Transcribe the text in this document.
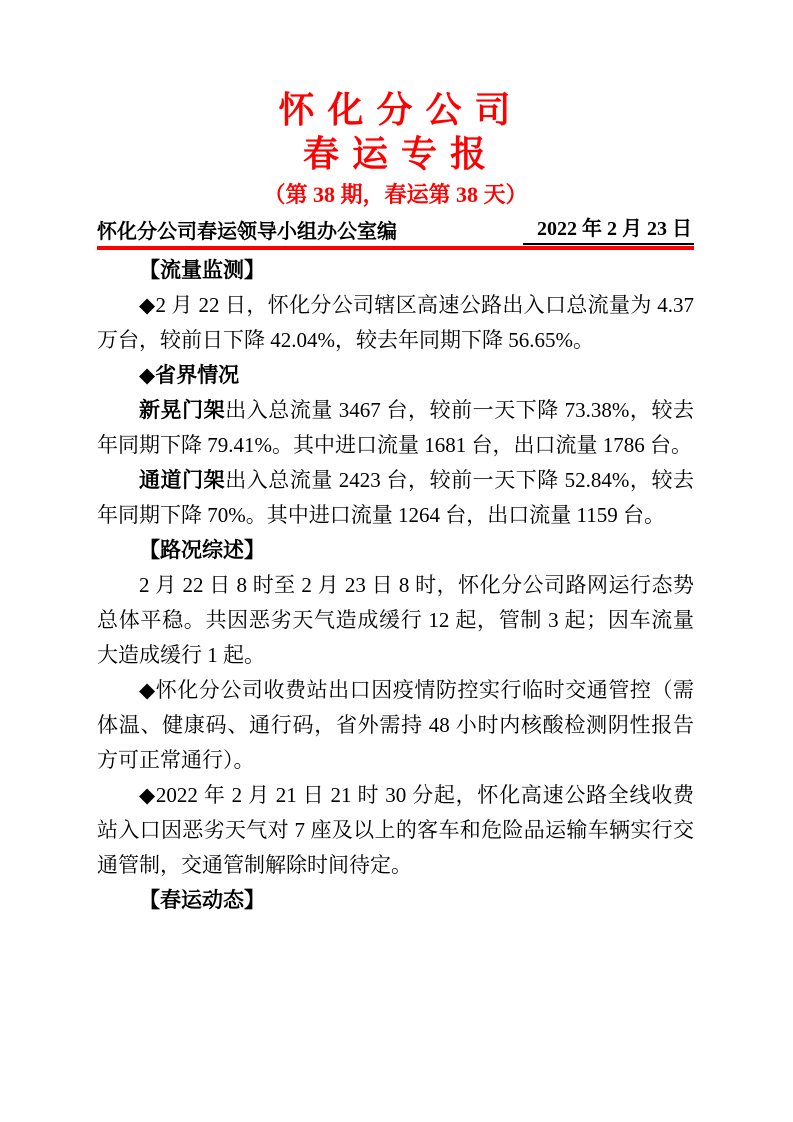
怀 化 分 公 司
春 运 专 报
（第 38 期，春运第 38 天）
怀化分公司春运领导小组办公室编	2022 年 2 月 23 日

【流量监测】

◆2 月 22 日，怀化分公司辖区高速公路出入口总流量为 4.37 万台，较前日下降 42.04%，较去年同期下降 56.65%。

◆省界情况

新晃门架出入总流量 3467 台，较前一天下降 73.38%，较去年同期下降 79.41%。其中进口流量 1681 台，出口流量 1786 台。

通道门架出入总流量 2423 台，较前一天下降 52.84%，较去年同期下降 70%。其中进口流量 1264 台，出口流量 1159 台。

【路况综述】

2 月 22 日 8 时至 2 月 23 日 8 时，怀化分公司路网运行态势总体平稳。共因恶劣天气造成缓行 12 起，管制 3 起；因车流量大造成缓行 1 起。

◆怀化分公司收费站出口因疫情防控实行临时交通管控（需体温、健康码、通行码，省外需持 48 小时内核酸检测阴性报告方可正常通行）。

◆2022 年 2 月 21 日 21 时 30 分起，怀化高速公路全线收费站入口因恶劣天气对 7 座及以上的客车和危险品运输车辆实行交通管制，交通管制解除时间待定。

【春运动态】
